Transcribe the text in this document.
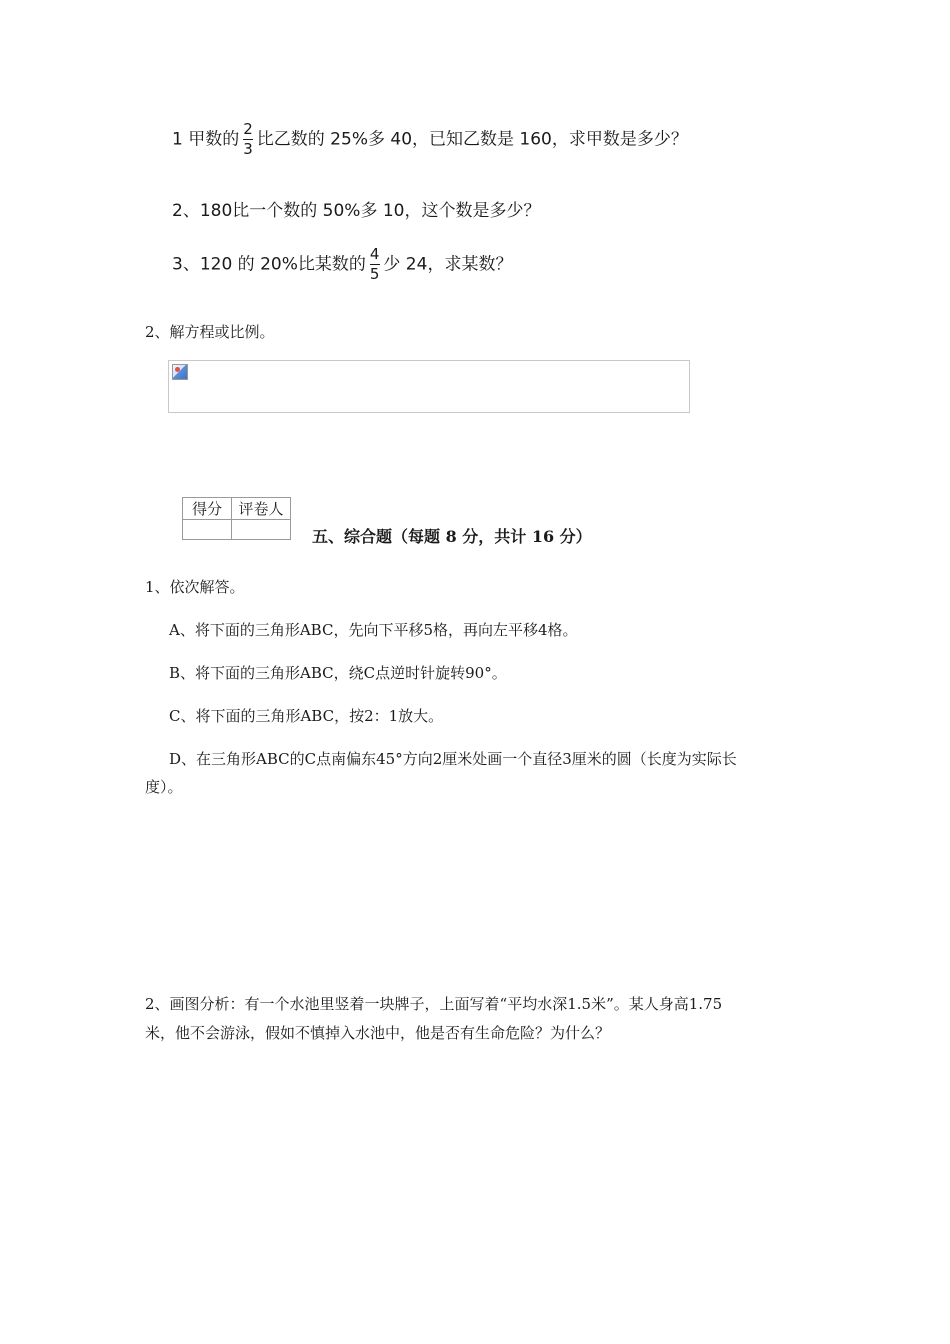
1 甲数的 $\frac{2}{3}$ 比乙数的 25%多 40，已知乙数是 160，求甲数是多少？
2、180比一个数的 50%多 10，这个数是多少？
3、120 的 20%比某数的 $\frac{4}{5}$ 少 24，求某数？
2、解方程或比例。
得分	评卷人

五、综合题（每题 8 分，共计 16 分）
1、依次解答。
A、将下面的三角形ABC，先向下平移5格，再向左平移4格。
B、将下面的三角形ABC，绕C点逆时针旋转90°。
C、将下面的三角形ABC，按2：1放大。
D、在三角形ABC的C点南偏东45°方向2厘米处画一个直径3厘米的圆（长度为实际长
度）。
2、画图分析：有一个水池里竖着一块牌子，上面写着“平均水深1.5米”。某人身高1.75
米，他不会游泳，假如不慎掉入水池中，他是否有生命危险？为什么？
